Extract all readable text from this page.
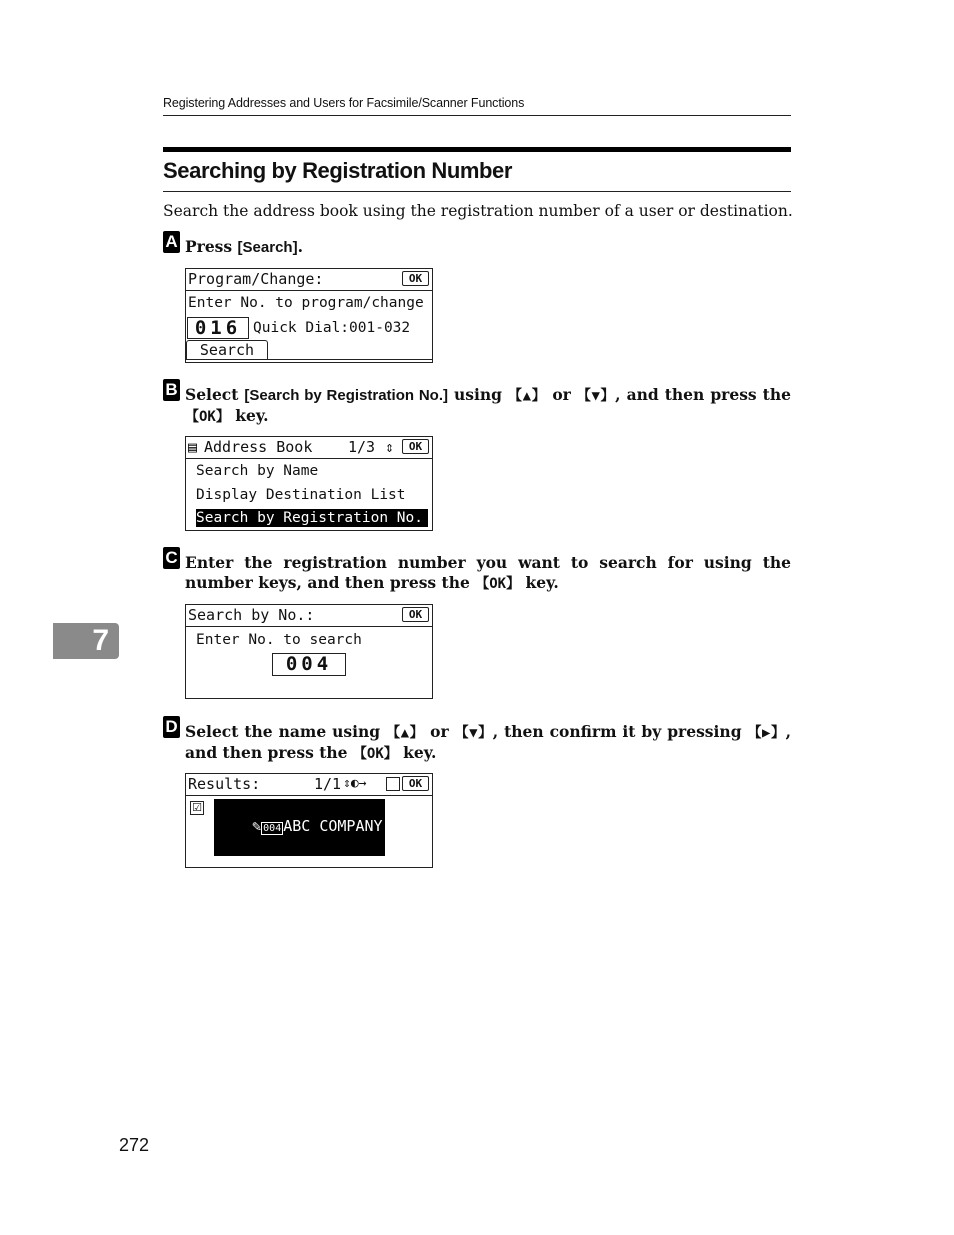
Registering Addresses and Users for Facsimile/Scanner Functions
Searching by Registration Number
Search the address book using the registration number of a user or destination.
A Press [Search].
Program/Change:	OK
Enter No. to program/change
016 Quick Dial:001-032
Search
B Select [Search by Registration No.] using 【▲】 or 【▼】, and then press the 【OK】 key.
▤ Address Book 1/3 ⇕	OK
Search by Name
Display Destination List
Search by Registration No.
C Enter the registration number you want to search for using the number keys, and then press the 【OK】 key.
Search by No.:	OK
Enter No. to search
004
D Select the name using 【▲】 or 【▼】, then confirm it by pressing 【▶】, and then press the 【OK】 key.
Results:	1/1 ⇕◐→	OK
☑

✎ 004 ABC COMPANY

7
272
